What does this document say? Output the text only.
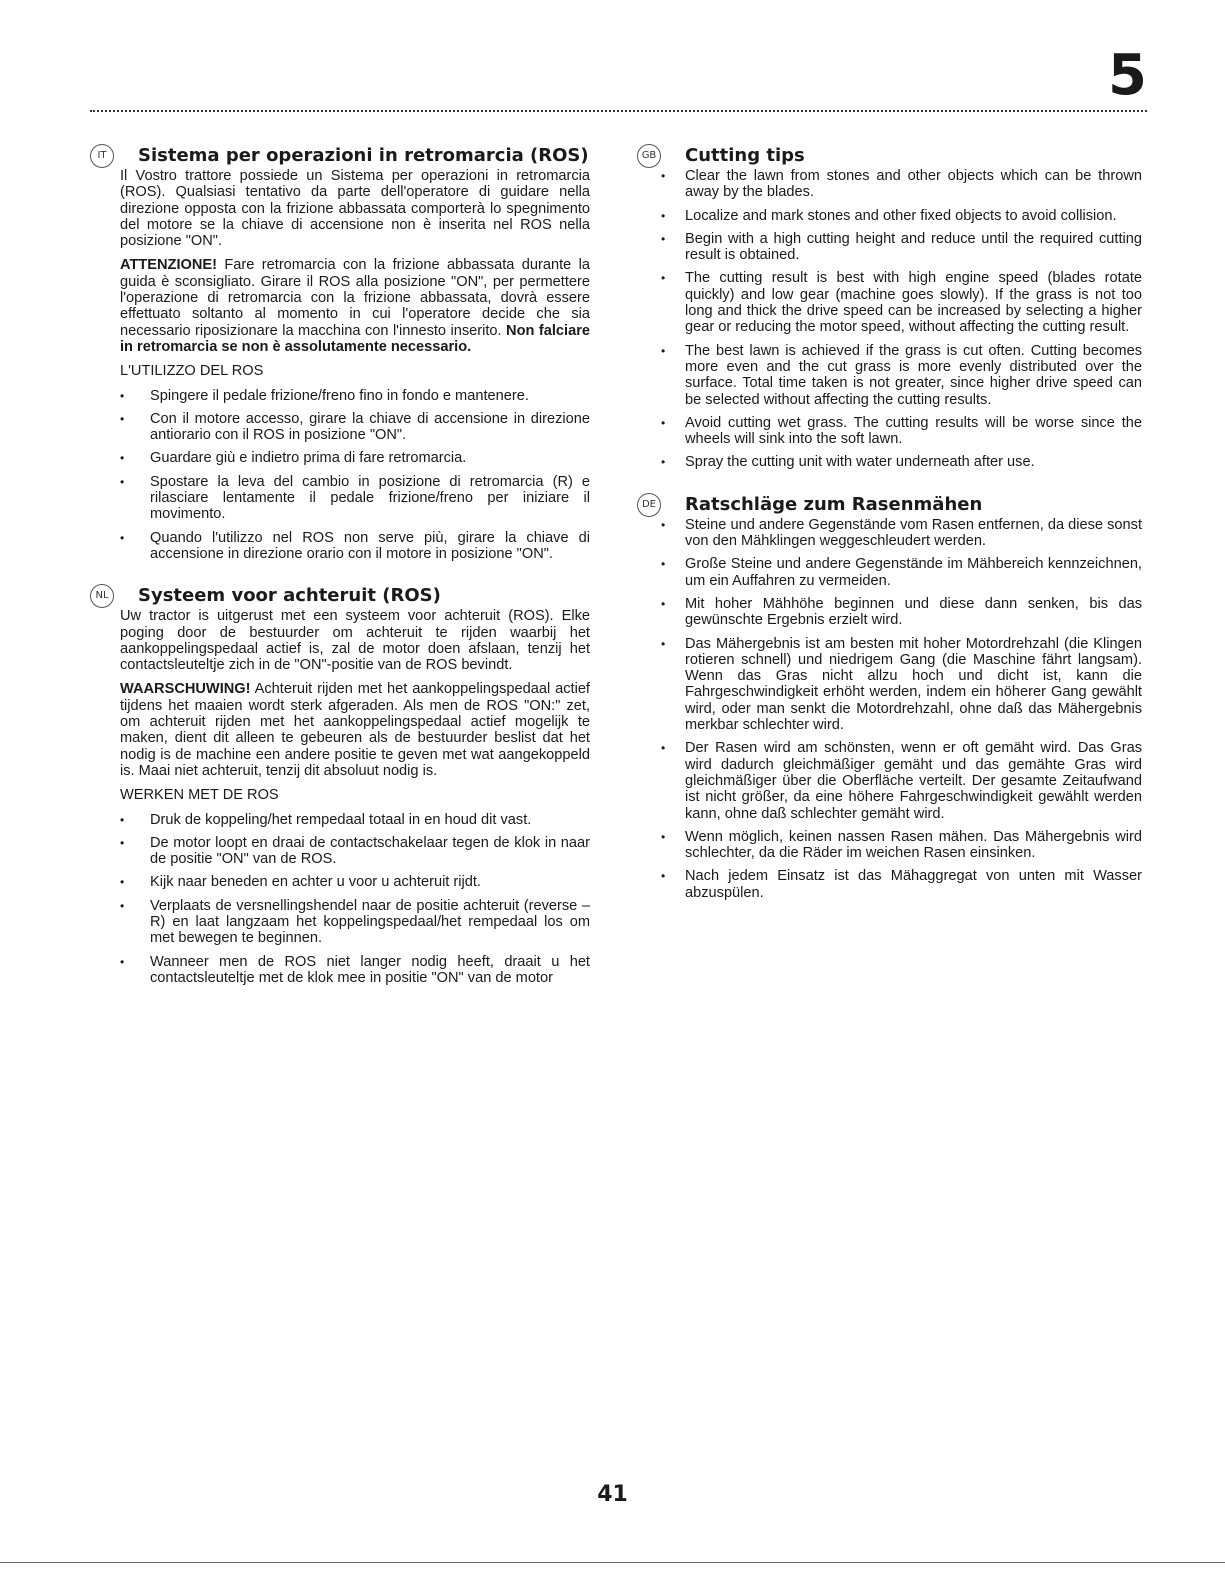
5
IT	Sistema per operazioni in retromarcia (ROS)

Il Vostro trattore possiede un Sistema per operazioni in retromarcia (ROS). Qualsiasi tentativo da parte dell'operatore di guidare nella direzione opposta con la frizione abbassata comporterà lo spegnimento del motore se la chiave di accensione non è inserita nel ROS nella posizione "ON".

ATTENZIONE! Fare retromarcia con la frizione abbassata durante la guida è sconsigliato. Girare il ROS alla posizione "ON", per permettere l'operazione di retromarcia con la frizione abbassata, dovrà essere effettuato soltanto al momento in cui l'operatore decide che sia necessario riposizionare la macchina con l'innesto inserito. Non falciare in retromarcia se non è assolutamente necessario.

L'UTILIZZO DEL ROS
• Spingere il pedale frizione/freno fino in fondo e mantenere.
• Con il motore accesso, girare la chiave di accensione in direzione antiorario con il ROS in posizione "ON".
• Guardare giù e indietro prima di fare retromarcia.
• Spostare la leva del cambio in posizione di retromarcia (R) e rilasciare lentamente il pedale frizione/freno per iniziare il movimento.
• Quando l'utilizzo nel ROS non serve più, girare la chiave di accensione in direzione orario con il motore in posizione "ON".
NL	Systeem voor achteruit (ROS)

Uw tractor is uitgerust met een systeem voor achteruit (ROS). Elke poging door de bestuurder om achteruit te rijden waarbij het aankoppelingspedaal actief is, zal de motor doen afslaan, tenzij het contactsleuteltje zich in de "ON"-positie van de ROS bevindt.

WAARSCHUWING! Achteruit rijden met het aankoppelingspedaal actief tijdens het maaien wordt sterk afgeraden. Als men de ROS "ON:" zet, om achteruit rijden met het aankoppelingspedaal actief mogelijk te maken, dient dit alleen te gebeuren als de bestuurder beslist dat het nodig is de machine een andere positie te geven met wat aangekoppeld is. Maai niet achteruit, tenzij dit absoluut nodig is.

WERKEN MET DE ROS
• Druk de koppeling/het rempedaal totaal in en houd dit vast.
• De motor loopt en draai de contactschakelaar tegen de klok in naar de positie "ON" van de ROS.
• Kijk naar beneden en achter u voor u achteruit rijdt.
• Verplaats de versnellingshendel naar de positie achteruit (reverse – R) en laat langzaam het koppelingspedaal/het rempedaal los om met bewegen te beginnen.
• Wanneer men de ROS niet langer nodig heeft, draait u het contactsleuteltje met de klok mee in positie "ON" van de motor
GB Cutting tips
• Clear the lawn from stones and other objects which can be thrown away by the blades.
• Localize and mark stones and other fixed objects to avoid collision.
• Begin with a high cutting height and reduce until the required cutting result is obtained.
• The cutting result is best with high engine speed (blades rotate quickly) and low gear (machine goes slowly). If the grass is not too long and thick the drive speed can be increased by selecting a higher gear or reducing the motor speed, without affecting the cutting result.
• The best lawn is achieved if the grass is cut often. Cutting becomes more even and the cut grass is more evenly distributed over the surface. Total time taken is not greater, since higher drive speed can be selected without affecting the cutting results.
• Avoid cutting wet grass. The cutting results will be worse since the wheels will sink into the soft lawn.
• Spray the cutting unit with water underneath after use.
DE Ratschläge zum Rasenmähen
• Steine und andere Gegenstände vom Rasen entfernen, da diese sonst von den Mähklingen weggeschleudert werden.
• Große Steine und andere Gegenstände im Mähbereich kennzeichnen, um ein Auffahren zu vermeiden.
• Mit hoher Mähhöhe beginnen und diese dann senken, bis das gewünschte Ergebnis erzielt wird.
• Das Mähergebnis ist am besten mit hoher Motordrehzahl (die Klingen rotieren schnell) und niedrigem Gang (die Maschine fährt langsam). Wenn das Gras nicht allzu hoch und dicht ist, kann die Fahrgeschwindigkeit erhöht werden, indem ein höherer Gang gewählt wird, oder man senkt die Motordrehzahl, ohne daß das Mähergebnis merkbar schlechter wird.
• Der Rasen wird am schönsten, wenn er oft gemäht wird. Das Gras wird dadurch gleichmäßiger gemäht und das gemähte Gras wird gleichmäßiger über die Oberfläche verteilt. Der gesamte Zeitaufwand ist nicht größer, da eine höhere Fahrgeschwindigkeit gewählt werden kann, ohne daß schlechter gemäht wird.
• Wenn möglich, keinen nassen Rasen mähen. Das Mähergebnis wird schlechter, da die Räder im weichen Rasen einsinken.
• Nach jedem Einsatz ist das Mähaggregat von unten mit Wasser abzuspülen.
41
